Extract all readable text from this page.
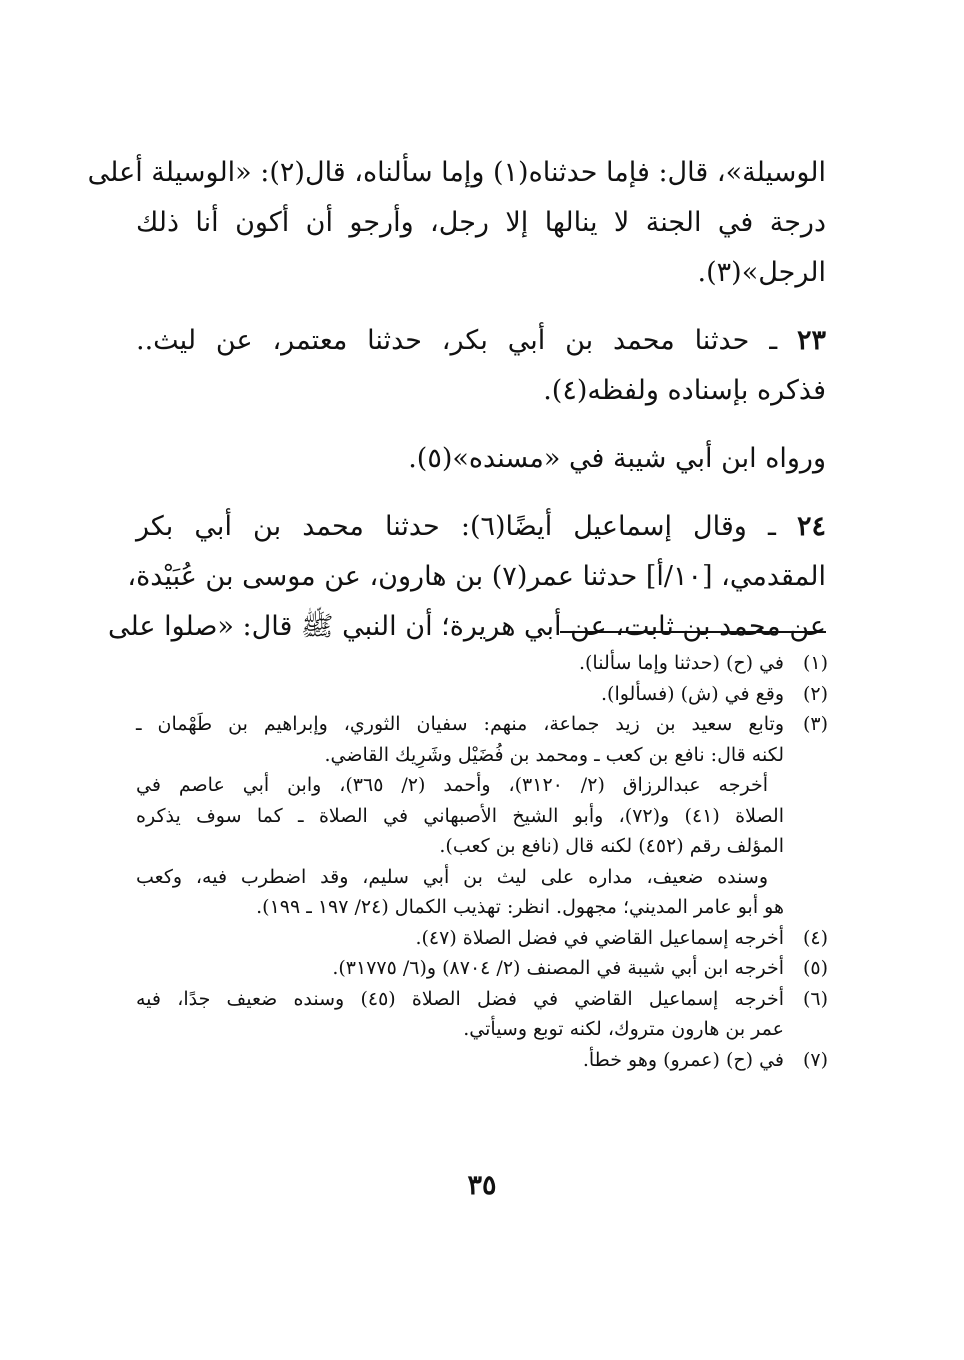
الوسيلة»، قال: فإما حدثناه(١) وإما سألناه، قال(٢): «الوسيلة أعلى
درجة في الجنة لا ينالها إلا رجل، وأرجو أن أكون أنا ذلك
الرجل»(٣).

٢٣ ـ حدثنا محمد بن أبي بكر، حدثنا معتمر، عن ليث..
فذكره بإسناده ولفظه(٤).

ورواه ابن أبي شيبة في «مسنده»(٥).

٢٤ ـ وقال إسماعيل أيضًا(٦): حدثنا محمد بن أبي بكر
المقدمي، [١٠/أ] حدثنا عمر(٧) بن هارون، عن موسى بن عُبَيْدة،
عن محمد بن ثابت، عن أبي هريرة؛ أن النبي ﷺ قال: «صلوا على

(١)
في (ح) (حدثنا وإما سألنا).
(٢)
وقع في (ش) (فسألوا).
(٣)
وتابع سعيد بن زيد جماعة، منهم: سفيان الثوري، وإبراهيم بن طَهْمان ـ
لكنه قال: نافع بن كعب ـ ومحمد بن فُضَيْل وشَرِيك القاضي.
أخرجه عبدالرزاق (٢/ ٣١٢٠)، وأحمد (٢/ ٣٦٥)، وابن أبي عاصم في
الصلاة (٤١) و(٧٢)، وأبو الشيخ الأصبهاني في الصلاة ـ كما سوف يذكره
المؤلف رقم (٤٥٢) لكنه قال (نافع بن كعب).
وسنده ضعيف، مداره على ليث بن أبي سليم، وقد اضطرب فيه، وكعب
هو أبو عامر المديني؛ مجهول. انظر: تهذيب الكمال (٢٤/ ١٩٧ ـ ١٩٩).
(٤)
أخرجه إسماعيل القاضي في فضل الصلاة (٤٧).
(٥)
أخرجه ابن أبي شيبة في المصنف (٢/ ٨٧٠٤) و(٦/ ٣١٧٧٥).
(٦)
أخرجه إسماعيل القاضي في فضل الصلاة (٤٥) وسنده ضعيف جدًا، فيه
عمر بن هارون متروك، لكنه توبع وسيأتي.
(٧)
في (ح) (عمرو) وهو خطأ.
٣٥
